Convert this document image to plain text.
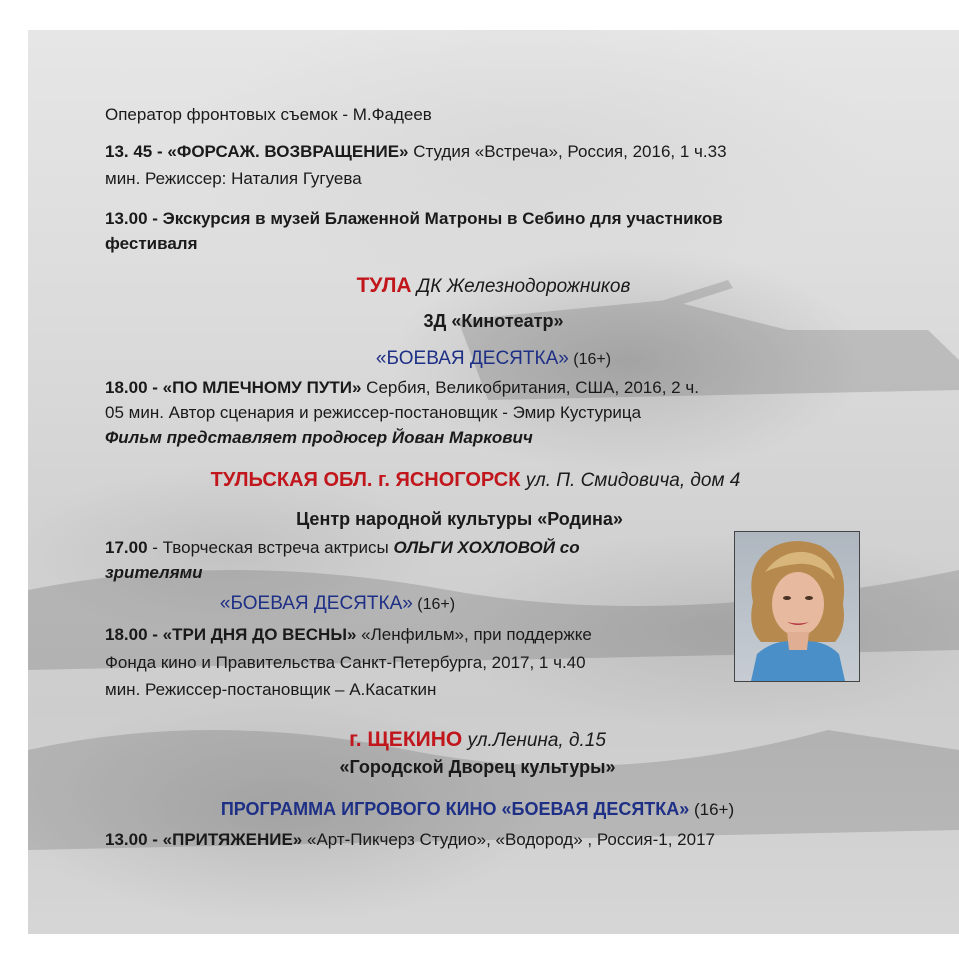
Оператор фронтовых съемок - М.Фадеев
13. 45 - «ФОРСАЖ. ВОЗВРАЩЕНИЕ» Студия «Встреча», Россия, 2016, 1 ч.33
мин. Режиссер: Наталия Гугуева
13.00 - Экскурсия в музей Блаженной Матроны в Себино для участников
фестиваля
ТУЛА ДК Железнодорожников
3Д «Кинотеатр»
«БОЕВАЯ ДЕСЯТКА» (16+)
18.00 - «ПО МЛЕЧНОМУ ПУТИ» Сербия, Великобритания, США, 2016, 2 ч.
05 мин. Автор сценария и режиссер-постановщик - Эмир Кустурица
Фильм представляет продюсер Йован Маркович
ТУЛЬСКАЯ ОБЛ. г. ЯСНОГОРСК ул. П. Смидовича, дом 4
Центр народной культуры «Родина»
17.00 - Творческая встреча актрисы ОЛЬГИ ХОХЛОВОЙ со
зрителями
«БОЕВАЯ ДЕСЯТКА» (16+)
18.00 - «ТРИ ДНЯ ДО ВЕСНЫ» «Ленфильм», при поддержке
Фонда кино и Правительства Санкт-Петербурга, 2017, 1 ч.40
мин. Режиссер-постановщик – А.Касаткин
г. ЩЕКИНО ул.Ленина, д.15
«Городской Дворец культуры»
ПРОГРАММА ИГРОВОГО КИНО «БОЕВАЯ ДЕСЯТКА» (16+)
13.00 - «ПРИТЯЖЕНИЕ» «Арт-Пикчерз Студио», «Водород» , Россия-1, 2017
